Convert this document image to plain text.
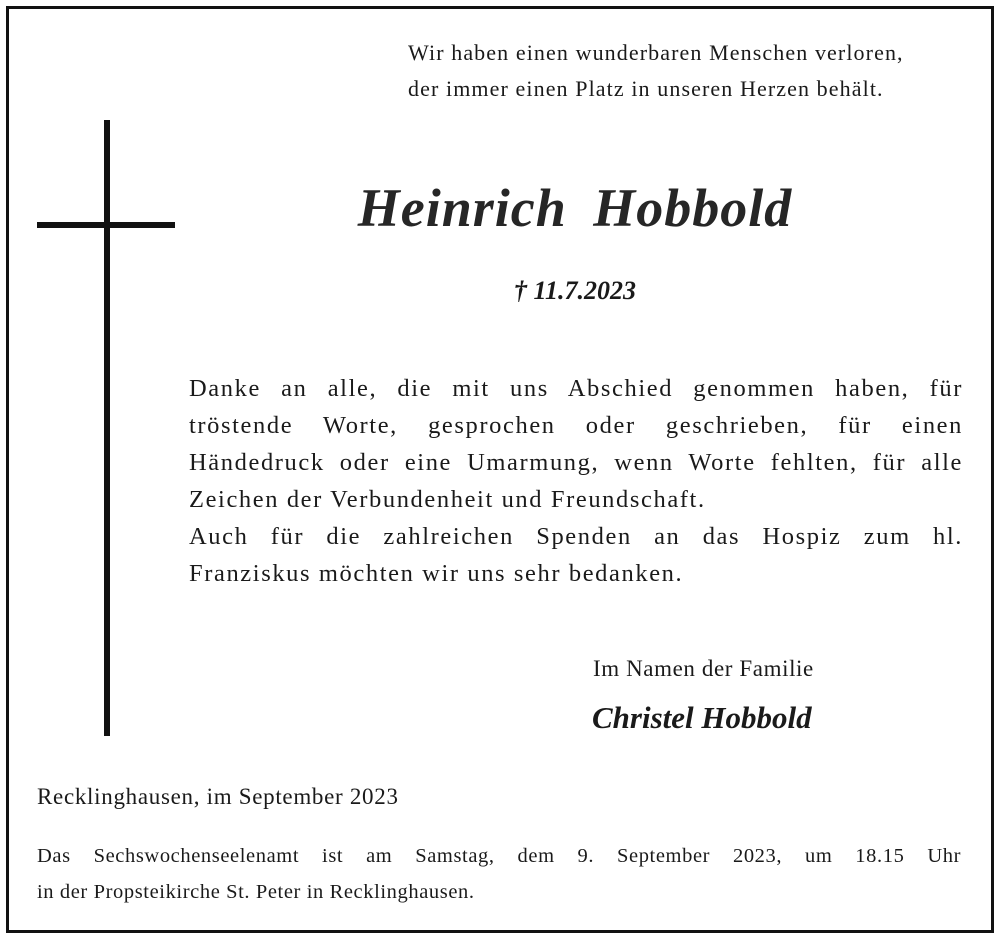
Wir haben einen wunderbaren Menschen verloren,
der immer einen Platz in unseren Herzen behält.
Heinrich Hobbold
† 11.7.2023
Danke an alle, die mit uns Abschied genommen haben, für
tröstende Worte, gesprochen oder geschrieben, für einen
Händedruck oder eine Umarmung, wenn Worte fehlten, für alle
Zeichen der Verbundenheit und Freundschaft.
Auch für die zahlreichen Spenden an das Hospiz zum hl.
Franziskus möchten wir uns sehr bedanken.
Im Namen der Familie
Christel Hobbold
Recklinghausen, im September 2023
Das Sechswochenseelenamt ist am Samstag, dem 9. September 2023, um 18.15 Uhr
in der Propsteikirche St. Peter in Recklinghausen.
